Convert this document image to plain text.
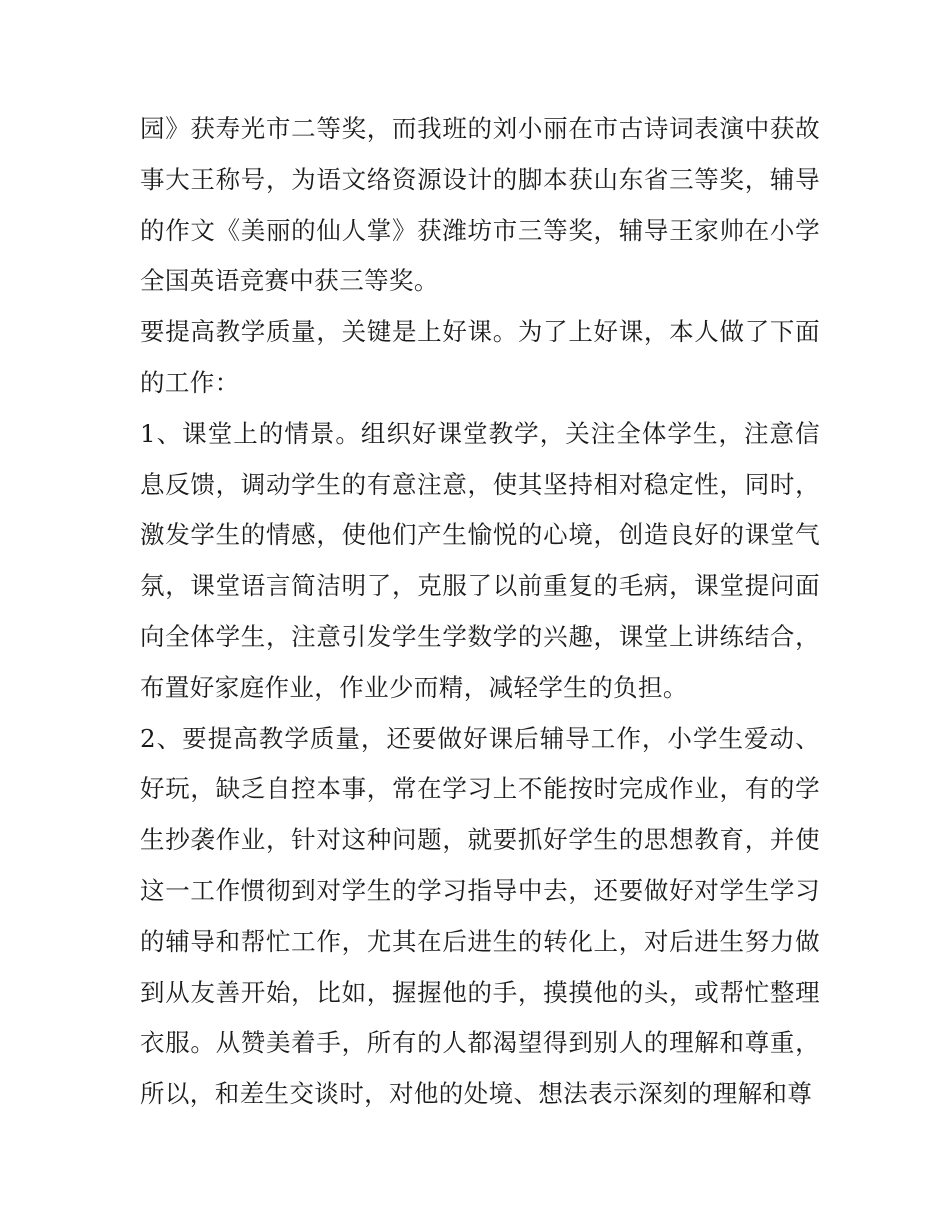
园》获寿光市二等奖，而我班的刘小丽在市古诗词表演中获故事大王称号，为语文络资源设计的脚本获山东省三等奖，辅导的作文《美丽的仙人掌》获潍坊市三等奖，辅导王家帅在小学全国英语竞赛中获三等奖。

要提高教学质量，关键是上好课。为了上好课，本人做了下面的工作：

1、课堂上的情景。组织好课堂教学，关注全体学生，注意信息反馈，调动学生的有意注意，使其坚持相对稳定性，同时，激发学生的情感，使他们产生愉悦的心境，创造良好的课堂气氛，课堂语言简洁明了，克服了以前重复的毛病，课堂提问面向全体学生，注意引发学生学数学的兴趣，课堂上讲练结合，布置好家庭作业，作业少而精，减轻学生的负担。

2、要提高教学质量，还要做好课后辅导工作，小学生爱动、好玩，缺乏自控本事，常在学习上不能按时完成作业，有的学生抄袭作业，针对这种问题，就要抓好学生的思想教育，并使这一工作惯彻到对学生的学习指导中去，还要做好对学生学习的辅导和帮忙工作，尤其在后进生的转化上，对后进生努力做到从友善开始，比如，握握他的手，摸摸他的头，或帮忙整理衣服。从赞美着手，所有的人都渴望得到别人的理解和尊重，所以，和差生交谈时，对他的处境、想法表示深刻的理解和尊
